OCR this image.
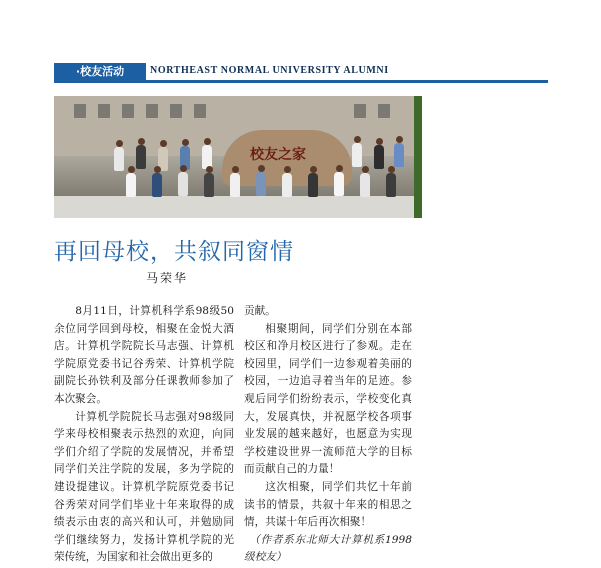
·校友活动	NORTHEAST NORMAL UNIVERSITY ALUMNI
校友之家
再回母校，共叙同窗情
马荣华

8月11日，计算机科学系98级50余位同学回到母校，相聚在金悦大酒店。计算机学院院长马志强、计算机学院原党委书记谷秀荣、计算机学院副院长孙铁利及部分任课教师参加了本次聚会。

计算机学院院长马志强对98级同学来母校相聚表示热烈的欢迎，向同学们介绍了学院的发展情况，并希望同学们关注学院的发展，多为学院的建设提建议。计算机学院原党委书记谷秀荣对同学们毕业十年来取得的成绩表示由衷的高兴和认可，并勉励同学们继续努力，发扬计算机学院的光荣传统，为国家和社会做出更多的

贡献。

相聚期间，同学们分别在本部校区和净月校区进行了参观。走在校园里，同学们一边参观着美丽的校园，一边追寻着当年的足迹。参观后同学们纷纷表示，学校变化真大，发展真快，并祝愿学校各项事业发展的越来越好，也愿意为实现学校建设世界一流师范大学的目标而贡献自己的力量！

这次相聚，同学们共忆十年前读书的情景，共叙十年来的相思之情，共谋十年后再次相聚！

（作者系东北师大计算机系1998级校友）
